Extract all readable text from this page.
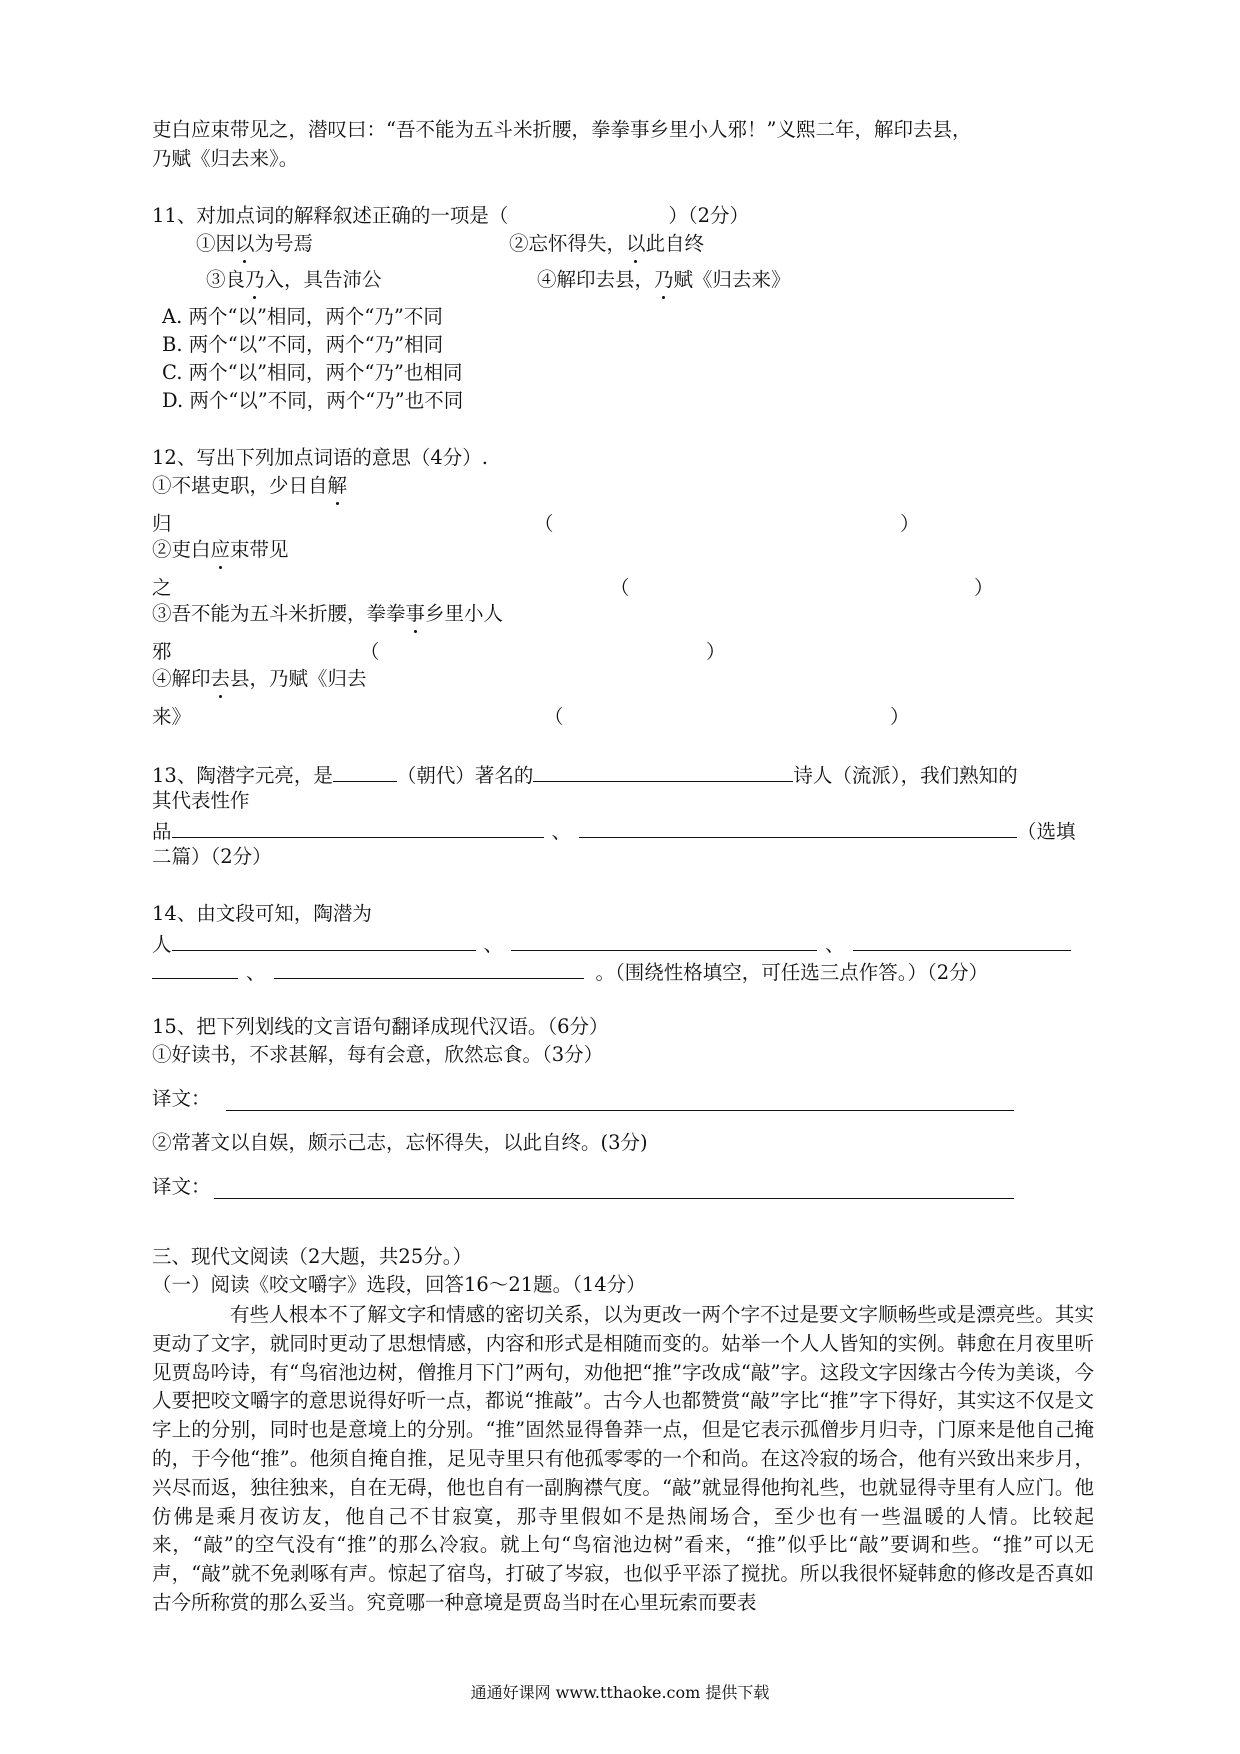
吏白应束带见之，潜叹曰：“吾不能为五斗米折腰，拳拳事乡里小人邪！”义熙二年，解印去县，
乃赋《归去来》。
11、对加点词的解释叙述正确的一项是（	）（2分）
①因以为号焉	②忘怀得失，以此自终
③良乃入，具告沛公	④解印去县，乃赋《归去来》
A. 两个“以”相同，两个“乃”不同
B. 两个“以”不同，两个“乃”相同
C. 两个“以”相同，两个“乃”也相同
D. 两个“以”不同，两个“乃”也不同
12、写出下列加点词语的意思（4分）.
①不堪吏职，少日自解
归	（	）
②吏白应束带见
之	（	）
③吾不能为五斗米折腰，拳拳事乡里小人
邪	（	）
④解印去县，乃赋《归去
来》	（	）
13、陶潜字元亮，是	（朝代）著名的	诗人（流派），我们熟知的
其代表性作
品	、	（选填
二篇）（2分）
14、由文段可知，陶潜为
人	、	、
、	。（围绕性格填空，可任选三点作答。）（2分）
15、把下列划线的文言语句翻译成现代汉语。（6分）
①好读书，不求甚解，每有会意，欣然忘食。（3分）
译文：
②常著文以自娱，颇示己志，忘怀得失，以此自终。(3分)
译文：
三、现代文阅读（2大题，共25分。）
（一）阅读《咬文嚼字》选段，回答16～21题。（14分）
有些人根本不了解文字和情感的密切关系，以为更改一两个字不过是要文字顺畅些或是漂亮些。其实更动了文字，就同时更动了思想情感，内容和形式是相随而变的。姑举一个人人皆知的实例。韩愈在月夜里听见贾岛吟诗，有“鸟宿池边树，僧推月下门”两句，劝他把“推”字改成“敲”字。这段文字因缘古今传为美谈，今人要把咬文嚼字的意思说得好听一点，都说“推敲”。古今人也都赞赏“敲”字比“推”字下得好，其实这不仅是文字上的分别，同时也是意境上的分别。“推”固然显得鲁莽一点，但是它表示孤僧步月归寺，门原来是他自己掩的，于今他“推”。他须自掩自推，足见寺里只有他孤零零的一个和尚。在这冷寂的场合，他有兴致出来步月，兴尽而返，独往独来，自在无碍，他也自有一副胸襟气度。“敲”就显得他拘礼些，也就显得寺里有人应门。他仿佛是乘月夜访友，他自己不甘寂寞，那寺里假如不是热闹场合，至少也有一些温暖的人情。比较起来，“敲”的空气没有“推”的那么冷寂。就上句“鸟宿池边树”看来，“推”似乎比“敲”要调和些。“推”可以无声，“敲”就不免剥啄有声。惊起了宿鸟，打破了岑寂，也似乎平添了搅扰。所以我很怀疑韩愈的修改是否真如古今所称赏的那么妥当。究竟哪一种意境是贾岛当时在心里玩索而要表
通通好课网 www.tthaoke.com 提供下载
